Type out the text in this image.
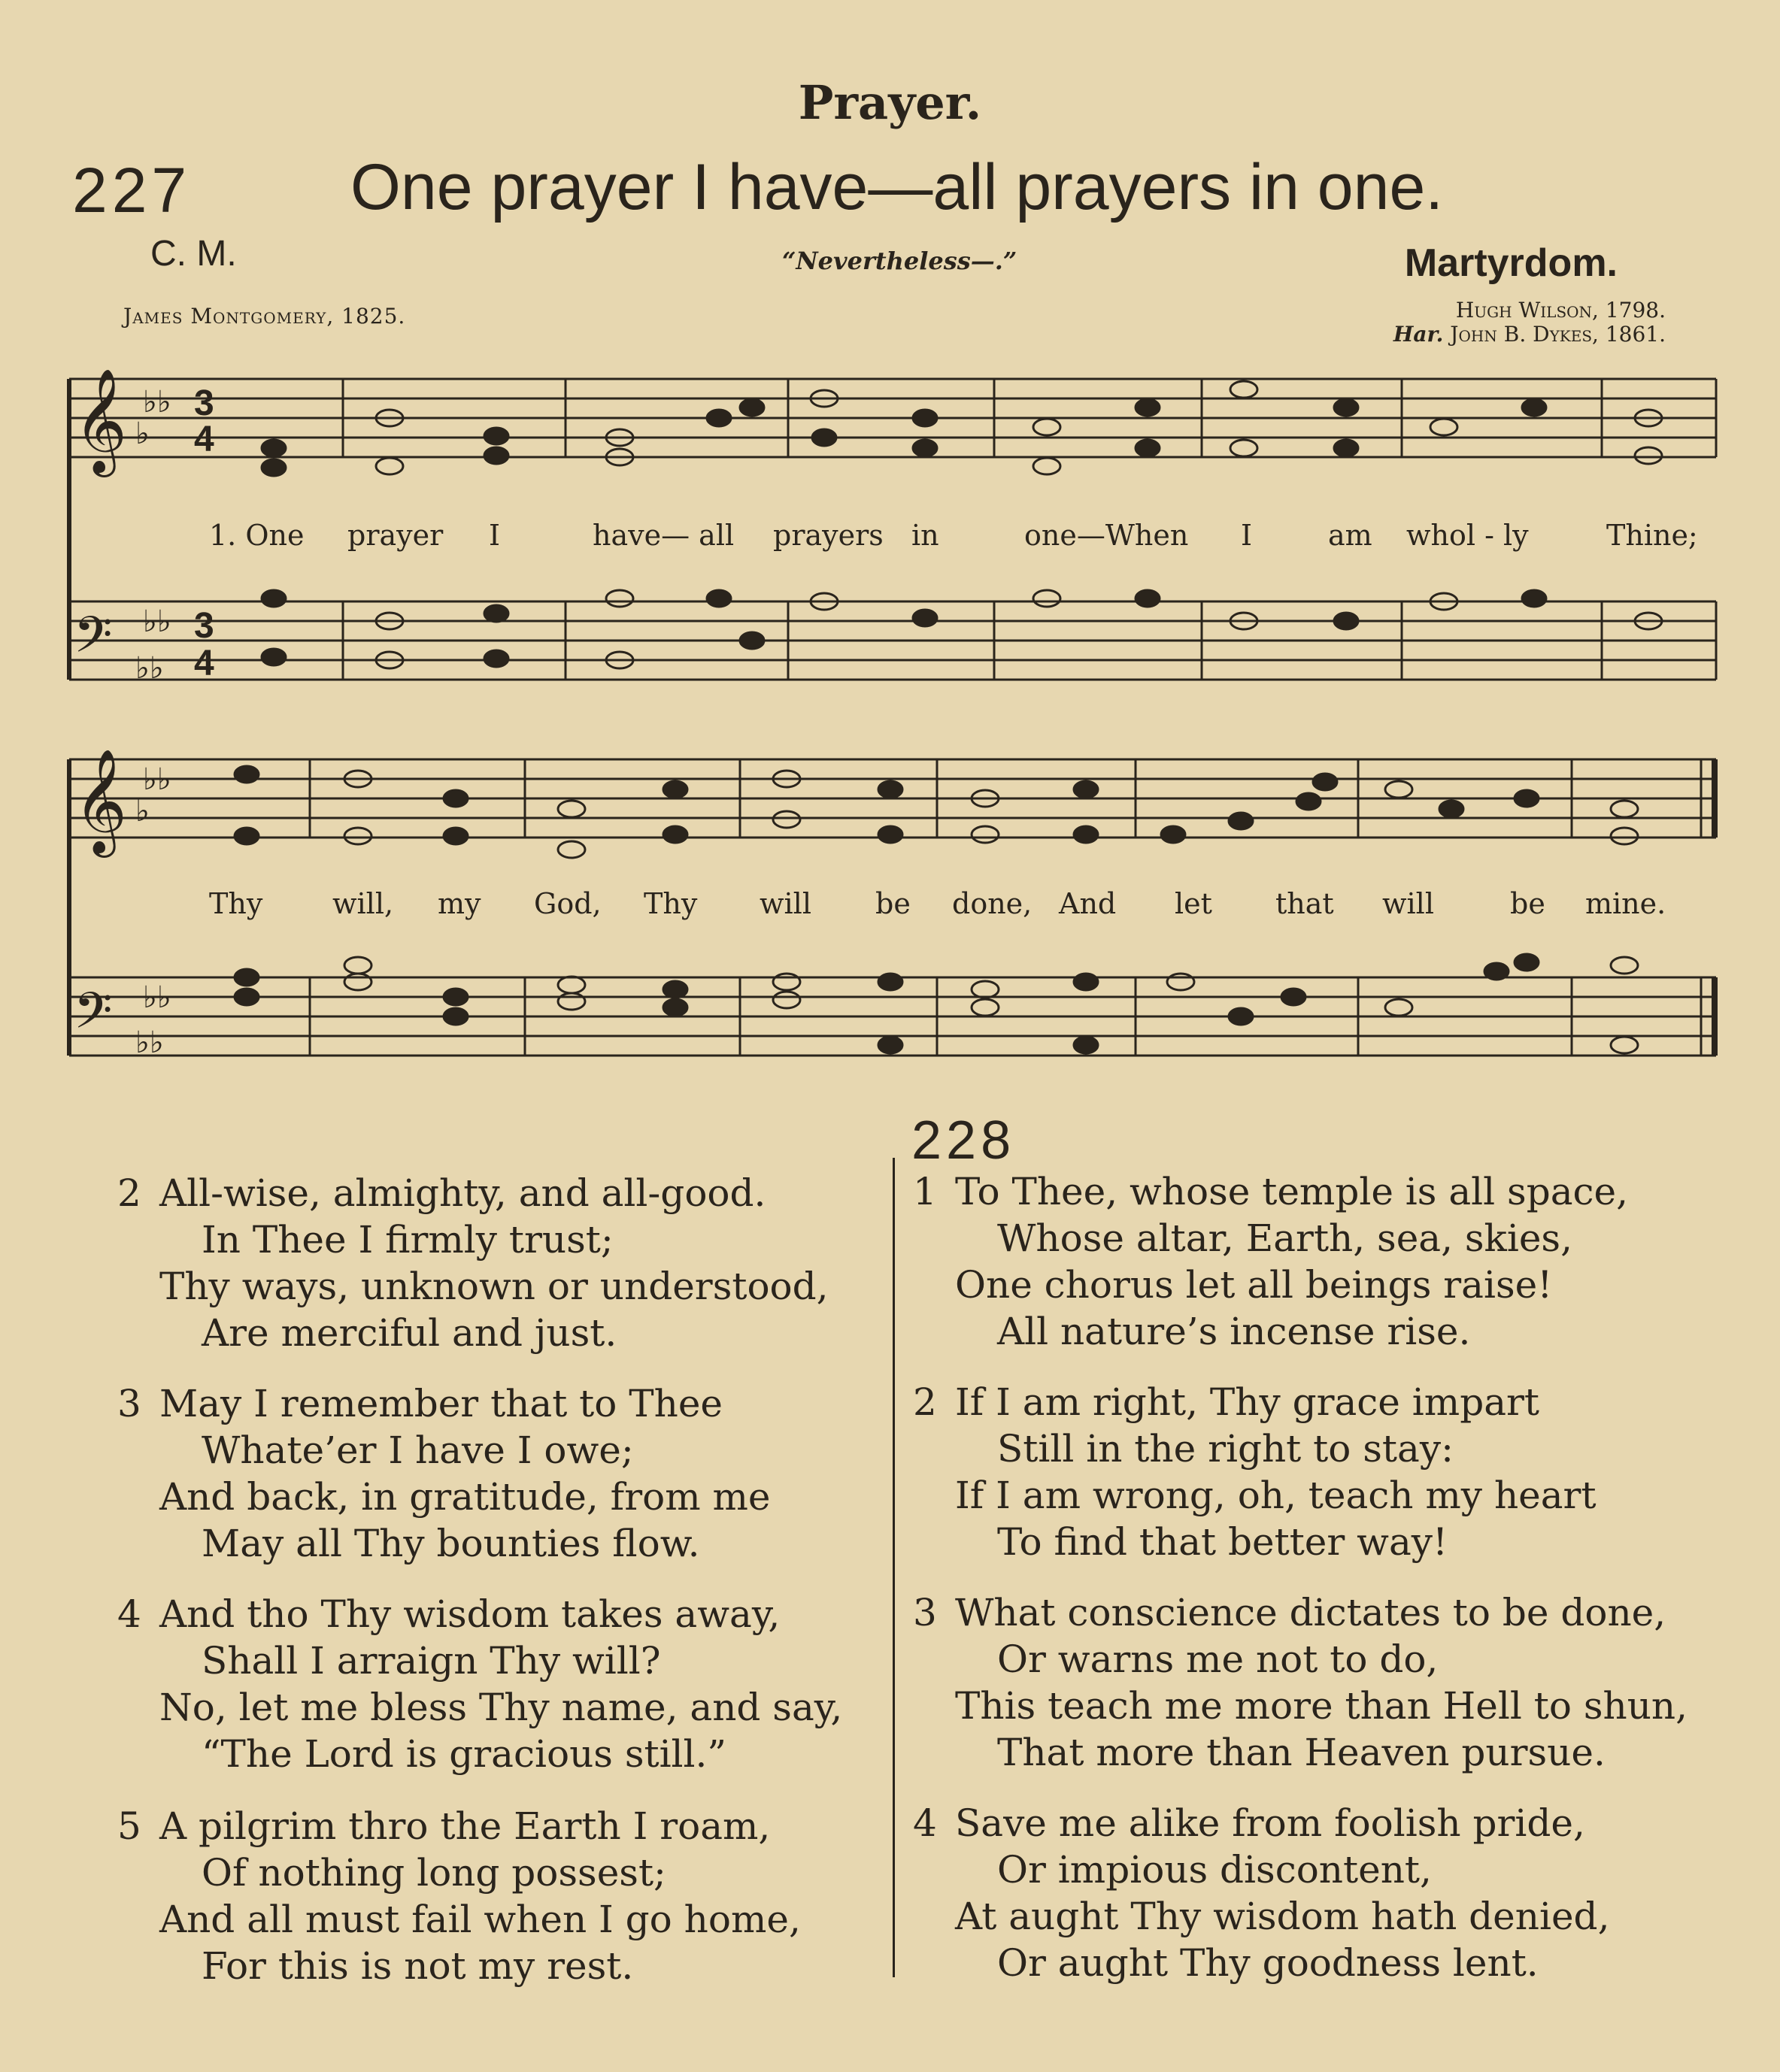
Prayer.
227 One prayer I have—all prayers in one.
C. M.	“Nevertheless—.”	Martyrdom.
James Montgomery, 1825.	Hugh Wilson, 1798.
Har. John B. Dykes, 1861.
𝄞
𝄢
𝄞
𝄢
♭♭
♭
♭♭
♭♭
♭♭
♭
♭♭
♭♭
3
4
3
4
1. One prayer I	have— all prayers in	one—When I	am whol - ly	Thine;
Thy will, my God, Thy will be done, And let that will	be mine.
2 All-wise, almighty, and all-good.
In Thee I firmly trust;
Thy ways, unknown or understood,
Are merciful and just.
3 May I remember that to Thee
Whate’er I have I owe;
And back, in gratitude, from me
May all Thy bounties flow.
4 And tho Thy wisdom takes away,
Shall I arraign Thy will?
No, let me bless Thy name, and say,
“The Lord is gracious still.”
5 A pilgrim thro the Earth I roam,
Of nothing long possest;
And all must fail when I go home,
For this is not my rest.
228
1 To Thee, whose temple is all space,
Whose altar, Earth, sea, skies,
One chorus let all beings raise!
All nature’s incense rise.
2 If I am right, Thy grace impart
Still in the right to stay:
If I am wrong, oh, teach my heart
To find that better way!
3 What conscience dictates to be done,
Or warns me not to do,
This teach me more than Hell to shun,
That more than Heaven pursue.
4 Save me alike from foolish pride,
Or impious discontent,
At aught Thy wisdom hath denied,
Or aught Thy goodness lent.
